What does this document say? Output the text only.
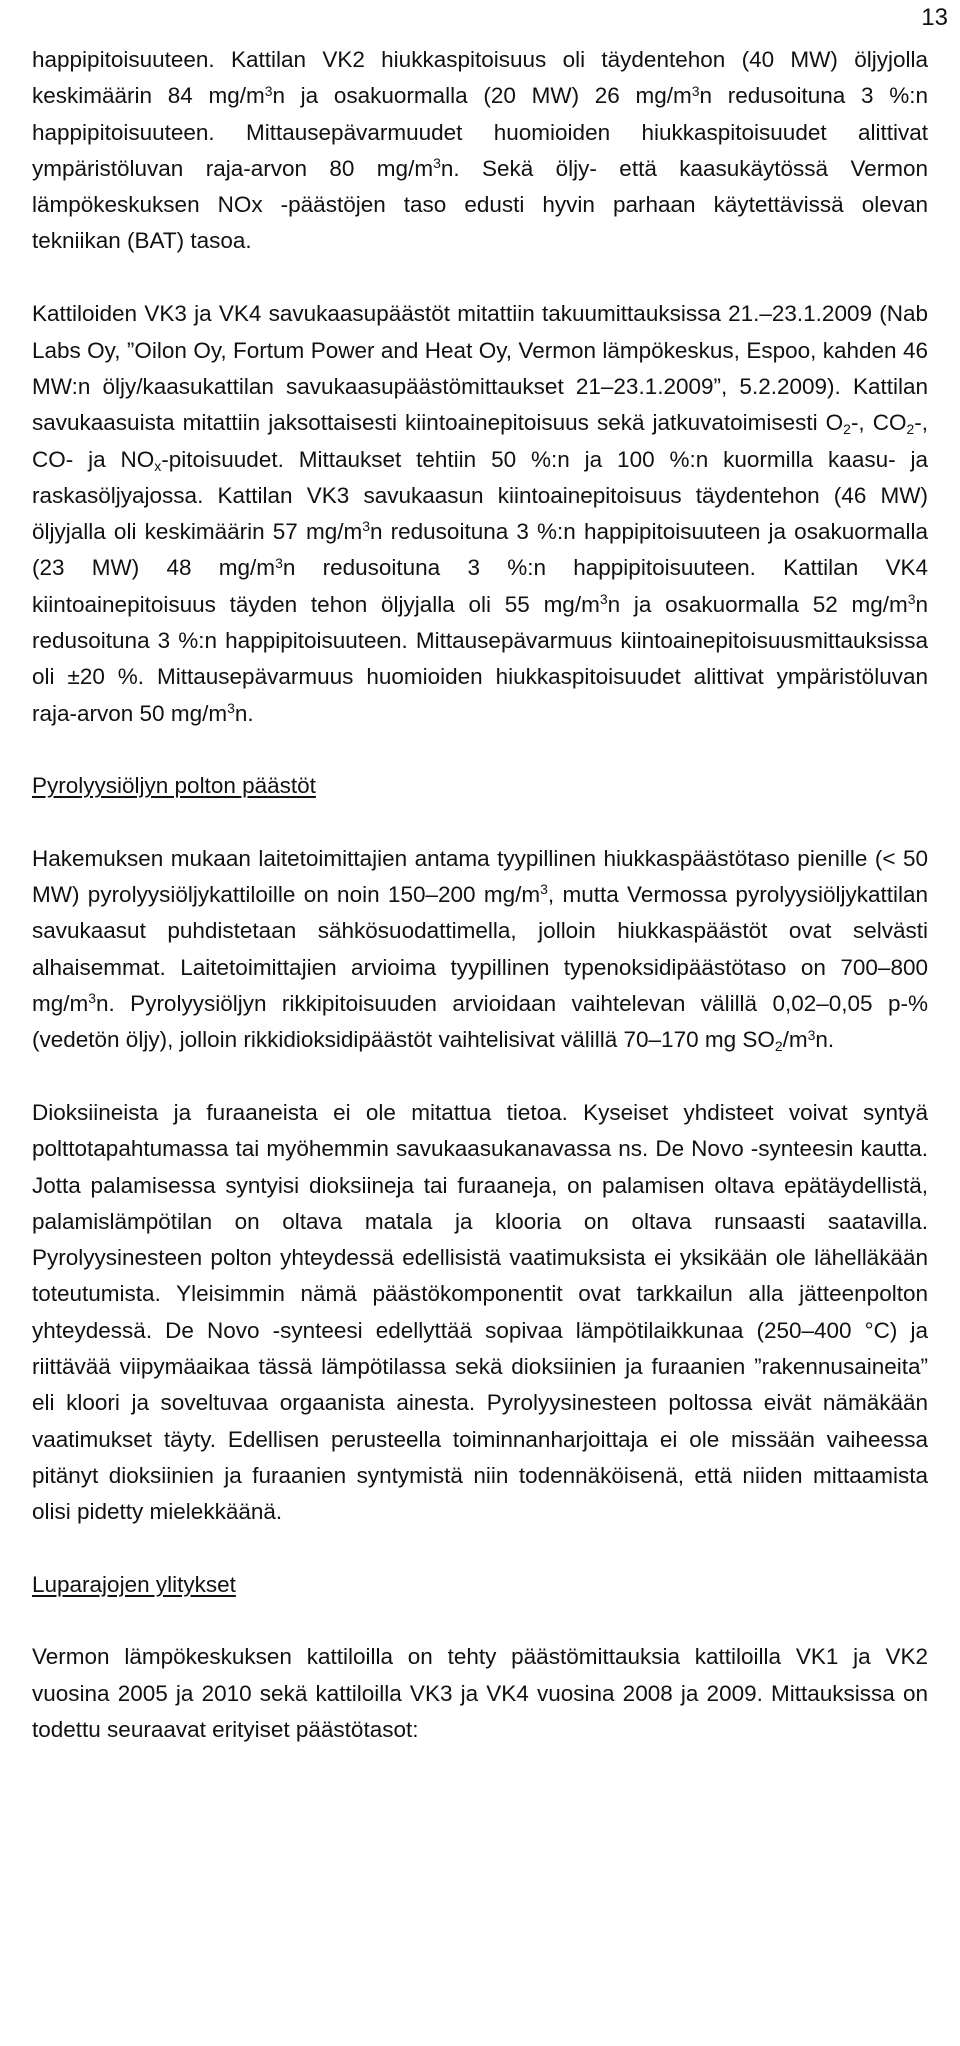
13

happipitoisuuteen. Kattilan VK2 hiukkaspitoisuus oli täydentehon (40 MW) öljyjolla keskimäärin 84 $mg/m^3n$ ja osakuormalla (20 MW) 26 $mg/m^3n$ redusoituna 3 %:n happipitoisuuteen. Mittausepävarmuudet huomioiden hiukkaspitoisuudet alittivat ympäristöluvan raja-arvon 80 $mg/m^3n$. Sekä öljy- että kaasukäytössä Vermon lämpökeskuksen NOx -päästöjen taso edusti hyvin parhaan käytettävissä olevan tekniikan (BAT) tasoa.

Kattiloiden VK3 ja VK4 savukaasupäästöt mitattiin takuumittauksissa 21.–23.1.2009 (Nab Labs Oy, ”Oilon Oy, Fortum Power and Heat Oy, Vermon lämpökeskus, Espoo, kahden 46 MW:n öljy/kaasukattilan savukaasupäästömittaukset 21–23.1.2009”, 5.2.2009). Kattilan savukaasuista mitattiin jaksottaisesti kiintoainepitoisuus sekä jatkuvatoimisesti $O_2-$, $CO_2-$, CO- ja $NO_x$-pitoisuudet. Mittaukset tehtiin 50 %:n ja 100 %:n kuormilla kaasu- ja raskasöljyajossa. Kattilan VK3 savukaasun kiintoainepitoisuus täydentehon (46 MW) öljyjalla oli keskimäärin 57 $mg/m^3n$ redusoituna 3 %:n happipitoisuuteen ja osakuormalla (23 MW) 48 $mg/m^3n$ redusoituna 3 %:n happipitoisuuteen. Kattilan VK4 kiintoainepitoisuus täyden tehon öljyjalla oli 55 $mg/m^3n$ ja osakuormalla 52 $mg/m^3n$ redusoituna 3 %:n happipitoisuuteen. Mittausepävarmuus kiintoainepitoisuusmittauksissa oli ±20 %. Mittausepävarmuus huomioiden hiukkaspitoisuudet alittivat ympäristöluvan raja-arvon 50 $mg/m^3n$.

Pyrolyysiöljyn polton päästöt

Hakemuksen mukaan laitetoimittajien antama tyypillinen hiukkaspäästötaso pienille (< 50 MW) pyrolyysiöljykattiloille on noin 150–200 $mg/m^3$, mutta Vermossa pyrolyysiöljykattilan savukaasut puhdistetaan sähkösuodattimella, jolloin hiukkaspäästöt ovat selvästi alhaisemmat. Laitetoimittajien arvioima tyypillinen typenoksidipäästötaso on 700–800 $mg/m^3n$. Pyrolyysiöljyn rikkipitoisuuden arvioidaan vaihtelevan välillä 0,02–0,05 p-% (vedetön öljy), jolloin rikkidioksidipäästöt vaihtelisivat välillä 70–170 mg $SO_2/m^3n$.

Dioksiineista ja furaaneista ei ole mitattua tietoa. Kyseiset yhdisteet voivat syntyä polttotapahtumassa tai myöhemmin savukaasukanavassa ns. De Novo -synteesin kautta. Jotta palamisessa syntyisi dioksiineja tai furaaneja, on palamisen oltava epätäydellistä, palamislämpötilan on oltava matala ja klooria on oltava runsaasti saatavilla. Pyrolyysinesteen polton yhteydessä edellisistä vaatimuksista ei yksikään ole lähelläkään toteutumista. Yleisimmin nämä päästökomponentit ovat tarkkailun alla jätteenpolton yhteydessä. De Novo -synteesi edellyttää sopivaa lämpötilaikkunaa (250–400 °C) ja riittävää viipymäaikaa tässä lämpötilassa sekä dioksiinien ja furaanien ”rakennusaineita” eli kloori ja soveltuvaa orgaanista ainesta. Pyrolyysinesteen poltossa eivät nämäkään vaatimukset täyty. Edellisen perusteella toiminnanharjoittaja ei ole missään vaiheessa pitänyt dioksiinien ja furaanien syntymistä niin todennäköisenä, että niiden mittaamista olisi pidetty mielekkäänä.

Luparajojen ylitykset

Vermon lämpökeskuksen kattiloilla on tehty päästömittauksia kattiloilla VK1 ja VK2 vuosina 2005 ja 2010 sekä kattiloilla VK3 ja VK4 vuosina 2008 ja 2009. Mittauksissa on todettu seuraavat erityiset päästötasot:
